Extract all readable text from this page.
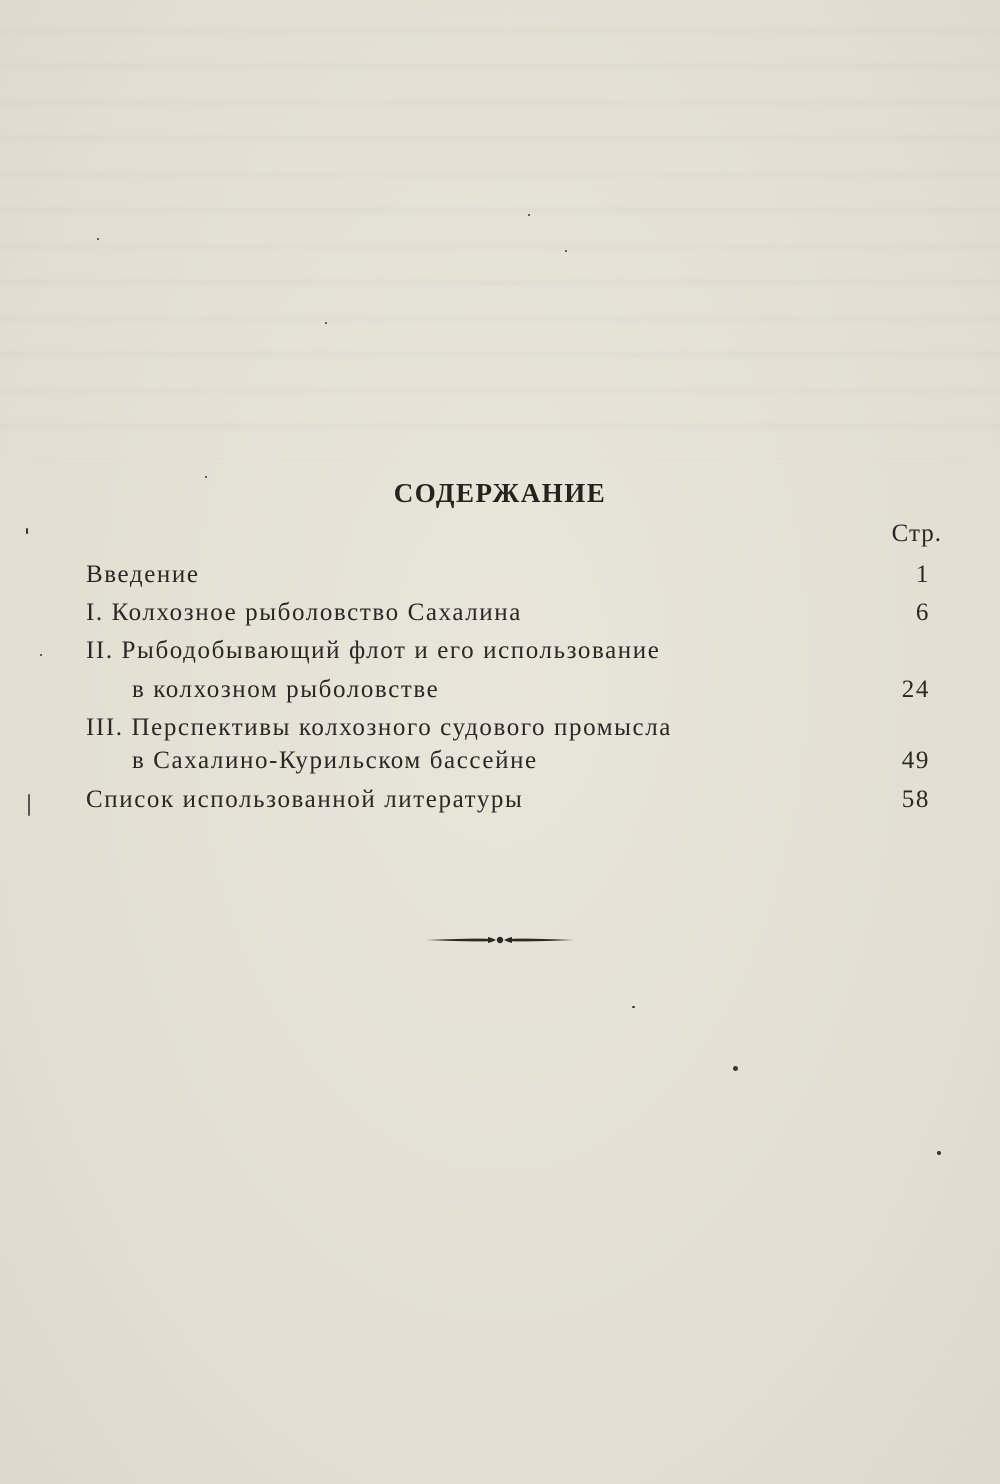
СОДЕРЖАНИЕ
Стр.
Введение	1
I. Колхозное рыболовство Сахалина	6
II. Рыбодобывающий флот и его использование
в колхозном рыболовстве	24
III. Перспективы колхозного судового промысла
в Сахалино-Курильском бассейне	49
Список использованной литературы	58
